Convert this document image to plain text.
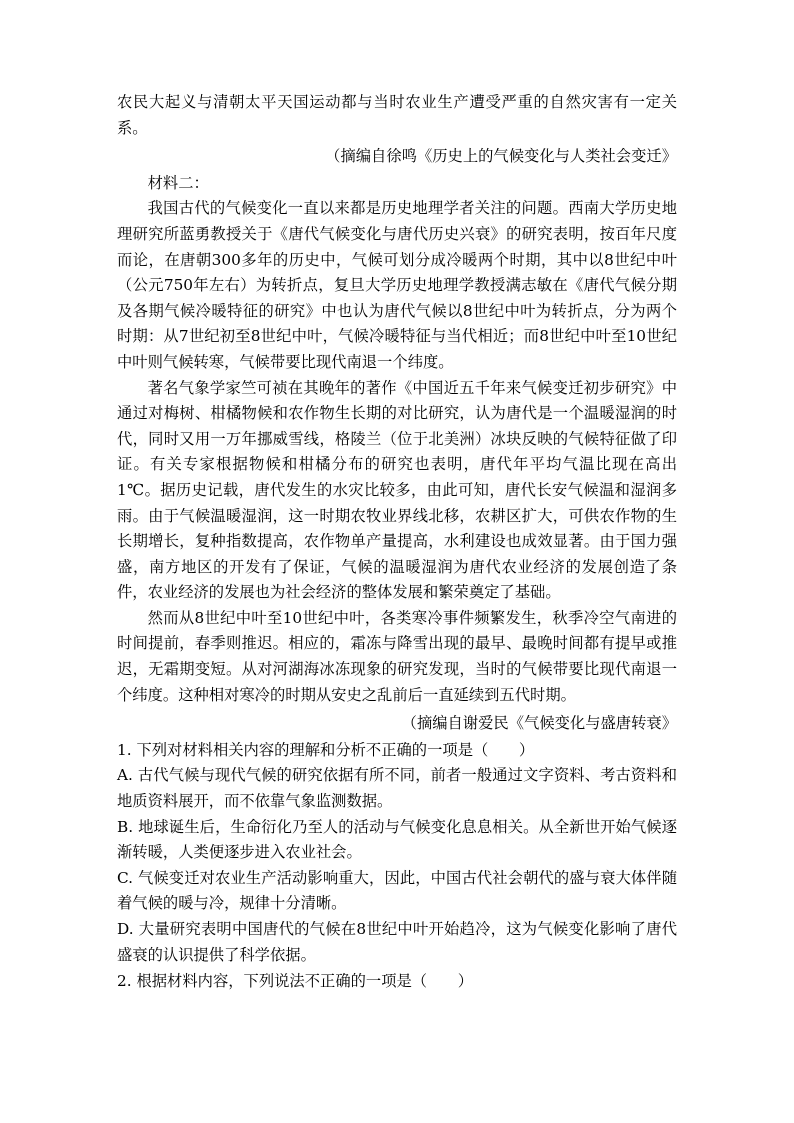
农民大起义与清朝太平天国运动都与当时农业生产遭受严重的自然灾害有一定关系。

（摘编自徐鸣《历史上的气候变化与人类社会变迁》

材料二：

我国古代的气候变化一直以来都是历史地理学者关注的问题。西南大学历史地理研究所蓝勇教授关于《唐代气候变化与唐代历史兴衰》的研究表明，按百年尺度而论，在唐朝300多年的历史中，气候可划分成冷暖两个时期，其中以8世纪中叶（公元750年左右）为转折点，复旦大学历史地理学教授满志敏在《唐代气候分期及各期气候冷暖特征的研究》中也认为唐代气候以8世纪中叶为转折点，分为两个时期：从7世纪初至8世纪中叶，气候冷暖特征与当代相近；而8世纪中叶至10世纪中叶则气候转寒，气候带要比现代南退一个纬度。

著名气象学家竺可祯在其晚年的著作《中国近五千年来气候变迁初步研究》中通过对梅树、柑橘物候和农作物生长期的对比研究，认为唐代是一个温暖湿润的时代，同时又用一万年挪威雪线，格陵兰（位于北美洲）冰块反映的气候特征做了印证。有关专家根据物候和柑橘分布的研究也表明，唐代年平均气温比现在高出1℃。据历史记载，唐代发生的水灾比较多，由此可知，唐代长安气候温和湿润多雨。由于气候温暖湿润，这一时期农牧业界线北移，农耕区扩大，可供农作物的生长期增长，复种指数提高，农作物单产量提高，水利建设也成效显著。由于国力强盛，南方地区的开发有了保证，气候的温暖湿润为唐代农业经济的发展创造了条件，农业经济的发展也为社会经济的整体发展和繁荣奠定了基础。

然而从8世纪中叶至10世纪中叶，各类寒冷事件频繁发生，秋季冷空气南进的时间提前，春季则推迟。相应的，霜冻与降雪出现的最早、最晚时间都有提早或推迟，无霜期变短。从对河湖海冰冻现象的研究发现，当时的气候带要比现代南退一个纬度。这种相对寒冷的时期从安史之乱前后一直延续到五代时期。

（摘编自谢爱民《气候变化与盛唐转衰》

1. 下列对材料相关内容的理解和分析不正确的一项是（　　）

A. 古代气候与现代气候的研究依据有所不同，前者一般通过文字资料、考古资料和地质资料展开，而不依靠气象监测数据。

B. 地球诞生后，生命衍化乃至人的活动与气候变化息息相关。从全新世开始气候逐渐转暖，人类便逐步进入农业社会。

C. 气候变迁对农业生产活动影响重大，因此，中国古代社会朝代的盛与衰大体伴随着气候的暖与冷，规律十分清晰。

D. 大量研究表明中国唐代的气候在8世纪中叶开始趋冷，这为气候变化影响了唐代盛衰的认识提供了科学依据。

2. 根据材料内容，下列说法不正确的一项是（　　）
